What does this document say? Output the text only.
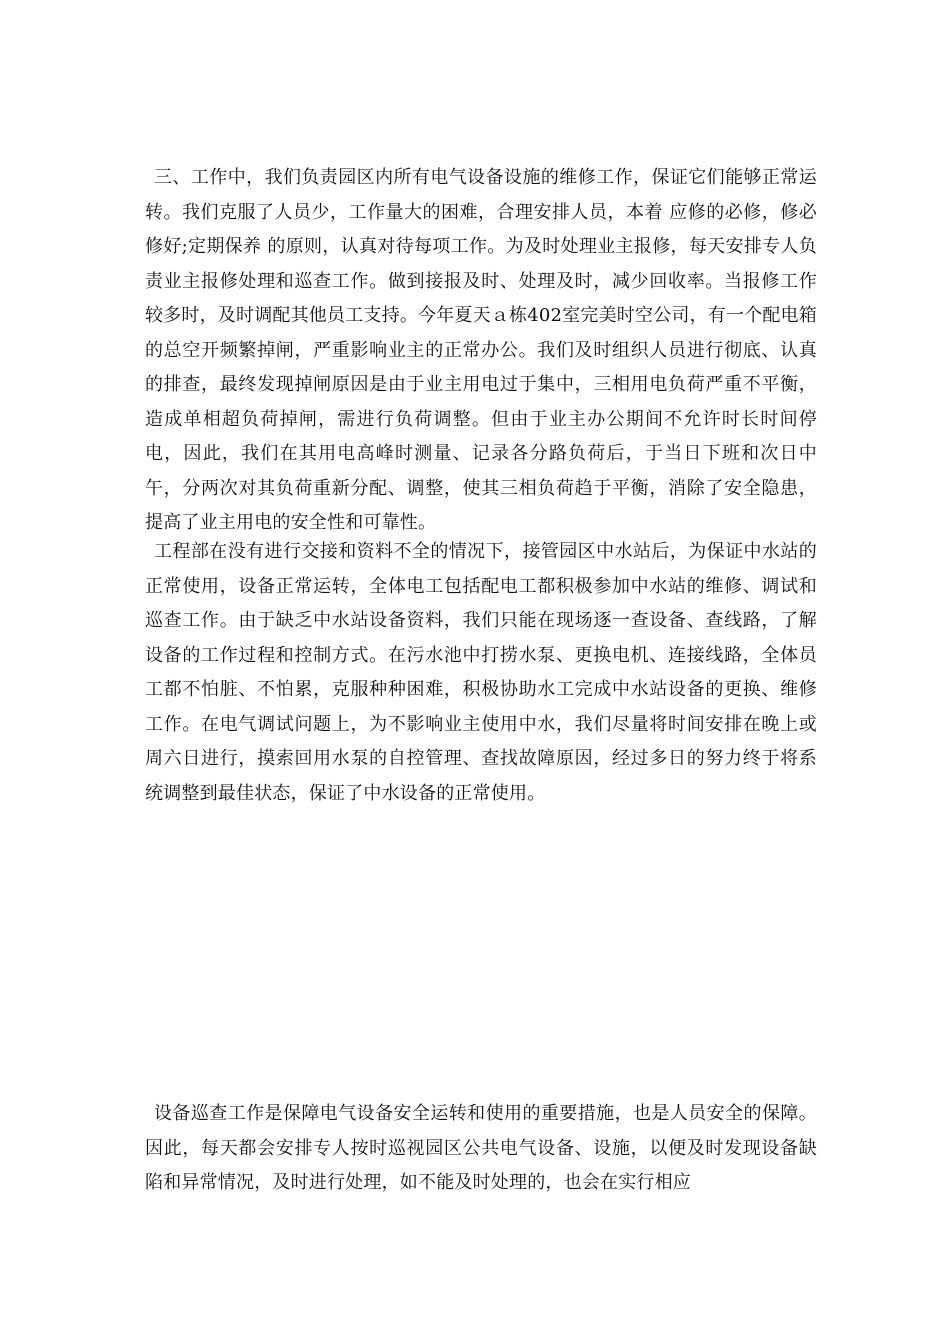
三、工作中，我们负责园区内所有电气设备设施的维修工作，保证它们能够正常运转。我们克服了人员少，工作量大的困难，合理安排人员，本着 应修的必修，修必修好;定期保养 的原则，认真对待每项工作。为及时处理业主报修，每天安排专人负责业主报修处理和巡查工作。做到接报及时、处理及时，减少回收率。当报修工作较多时，及时调配其他员工支持。今年夏天ａ栋402室完美时空公司，有一个配电箱的总空开频繁掉闸，严重影响业主的正常办公。我们及时组织人员进行彻底、认真的排查，最终发现掉闸原因是由于业主用电过于集中，三相用电负荷严重不平衡，造成单相超负荷掉闸，需进行负荷调整。但由于业主办公期间不允许时长时间停电，因此，我们在其用电高峰时测量、记录各分路负荷后，于当日下班和次日中午，分两次对其负荷重新分配、调整，使其三相负荷趋于平衡，消除了安全隐患，提高了业主用电的安全性和可靠性。

工程部在没有进行交接和资料不全的情况下，接管园区中水站后，为保证中水站的正常使用，设备正常运转，全体电工包括配电工都积极参加中水站的维修、调试和巡查工作。由于缺乏中水站设备资料，我们只能在现场逐一查设备、查线路，了解设备的工作过程和控制方式。在污水池中打捞水泵、更换电机、连接线路，全体员工都不怕脏、不怕累，克服种种困难，积极协助水工完成中水站设备的更换、维修工作。在电气调试问题上，为不影响业主使用中水，我们尽量将时间安排在晚上或周六日进行，摸索回用水泵的自控管理、查找故障原因，经过多日的努力终于将系统调整到最佳状态，保证了中水设备的正常使用。

设备巡查工作是保障电气设备安全运转和使用的重要措施，也是人员安全的保障。因此，每天都会安排专人按时巡视园区公共电气设备、设施，以便及时发现设备缺陷和异常情况，及时进行处理，如不能及时处理的，也会在实行相应
